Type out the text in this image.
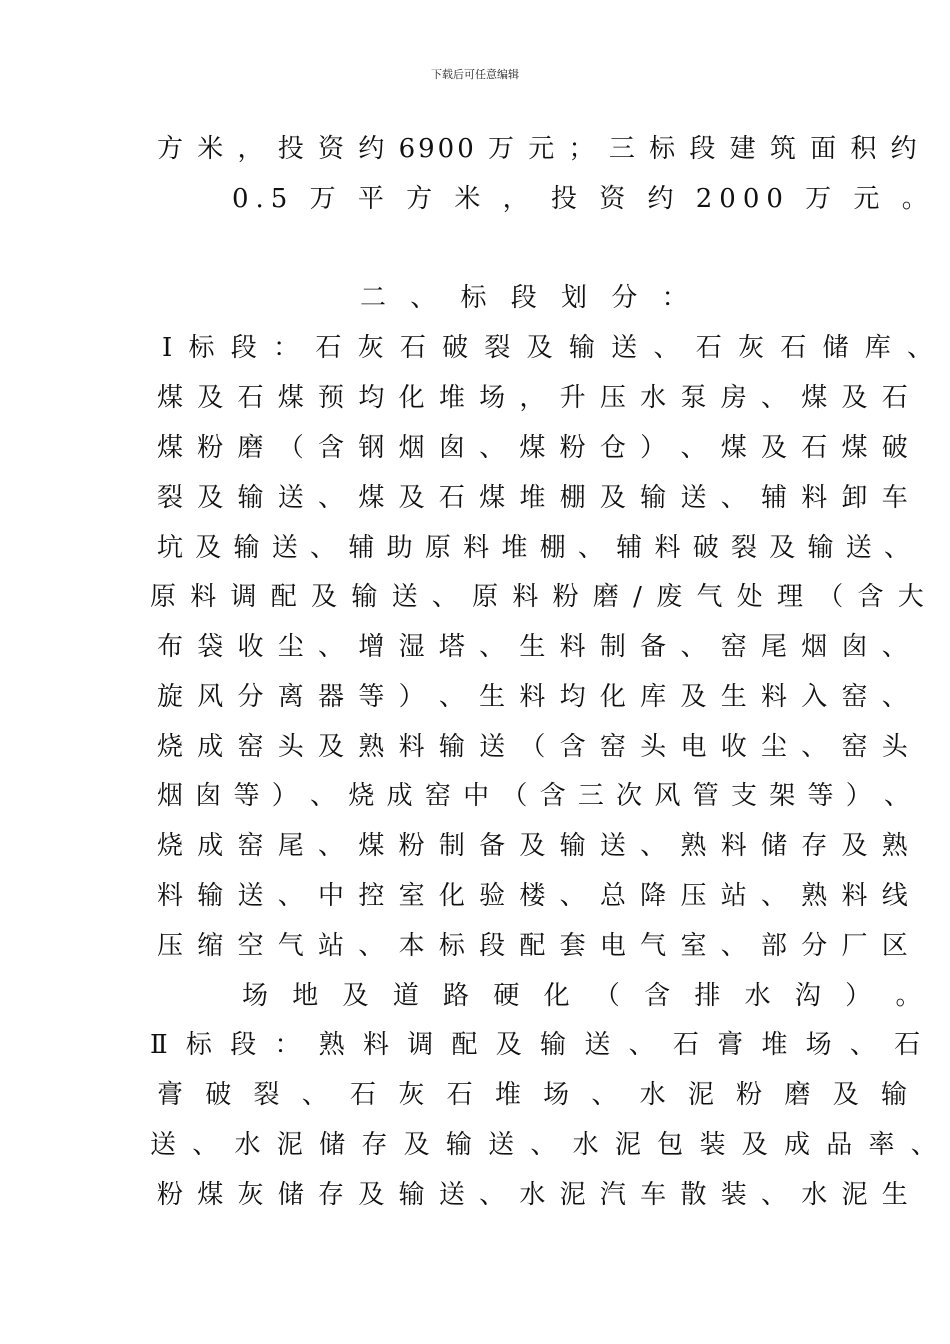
下载后可任意编辑
方 米 ， 投 资 约 6900 万 元 ； 三 标 段 建 筑 面 积 约
0.5 万 平 方 米 ， 投 资 约 2000 万 元 。
二 、 标 段 划 分 ：
Ⅰ 标 段 ： 石 灰 石 破 裂 及 输 送 、 石 灰 石 储 库 、
煤 及 石 煤 预 均 化 堆 场 ， 升 压 水 泵 房 、 煤 及 石
煤 粉 磨 （ 含 钢 烟 囱 、 煤 粉 仓 ） 、 煤 及 石 煤 破
裂 及 输 送 、 煤 及 石 煤 堆 棚 及 输 送 、 辅 料 卸 车
坑 及 输 送 、 辅 助 原 料 堆 棚 、 辅 料 破 裂 及 输 送 、
原 料 调 配 及 输 送 、 原 料 粉 磨 / 废 气 处 理 （ 含 大
布 袋 收 尘 、 增 湿 塔 、 生 料 制 备 、 窑 尾 烟 囱 、
旋 风 分 离 器 等 ） 、 生 料 均 化 库 及 生 料 入 窑 、
烧 成 窑 头 及 熟 料 输 送 （ 含 窑 头 电 收 尘 、 窑 头
烟 囱 等 ） 、 烧 成 窑 中 （ 含 三 次 风 管 支 架 等 ） 、
烧 成 窑 尾 、 煤 粉 制 备 及 输 送 、 熟 料 储 存 及 熟
料 输 送 、 中 控 室 化 验 楼 、 总 降 压 站 、 熟 料 线
压 缩 空 气 站 、 本 标 段 配 套 电 气 室 、 部 分 厂 区
场 地 及 道 路 硬 化 （ 含 排 水 沟 ） 。
Ⅱ 标 段 ： 熟 料 调 配 及 输 送 、 石 膏 堆 场 、 石
膏 破 裂 、 石 灰 石 堆 场 、 水 泥 粉 磨 及 输
送 、 水 泥 储 存 及 输 送 、 水 泥 包 装 及 成 品 率 、
粉 煤 灰 储 存 及 输 送 、 水 泥 汽 车 散 装 、 水 泥 生
